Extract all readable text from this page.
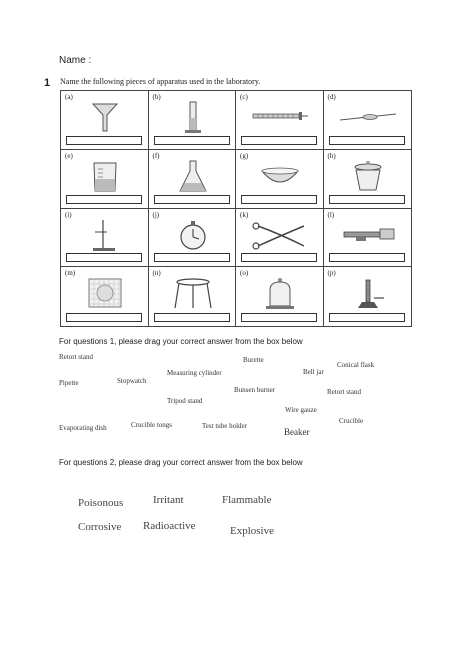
Name :
1 Name the following pieces of apparatus used in the laboratory.
(a)	(b)	(c)	(d)
(e)	(f)	(g)	(h)
(i)	(j)	(k)	(l)
(m)	(n)	(o)	(p)
For questions 1, please drag your correct answer from the box below
Retort stand	Burette
Conical flask
Bell jar
Pipette	Stopwatch
Measuring cylinder
Bunsen burner	Retort stand
Tripod stand
Wire gauze
Crucible
Evaporating dish	Crucible tongs	Test tube holder
Beaker
For questions 2, please drag your correct answer from the box below
Poisonous	Irritant	Flammable
Corrosive Radioactive	Explosive
